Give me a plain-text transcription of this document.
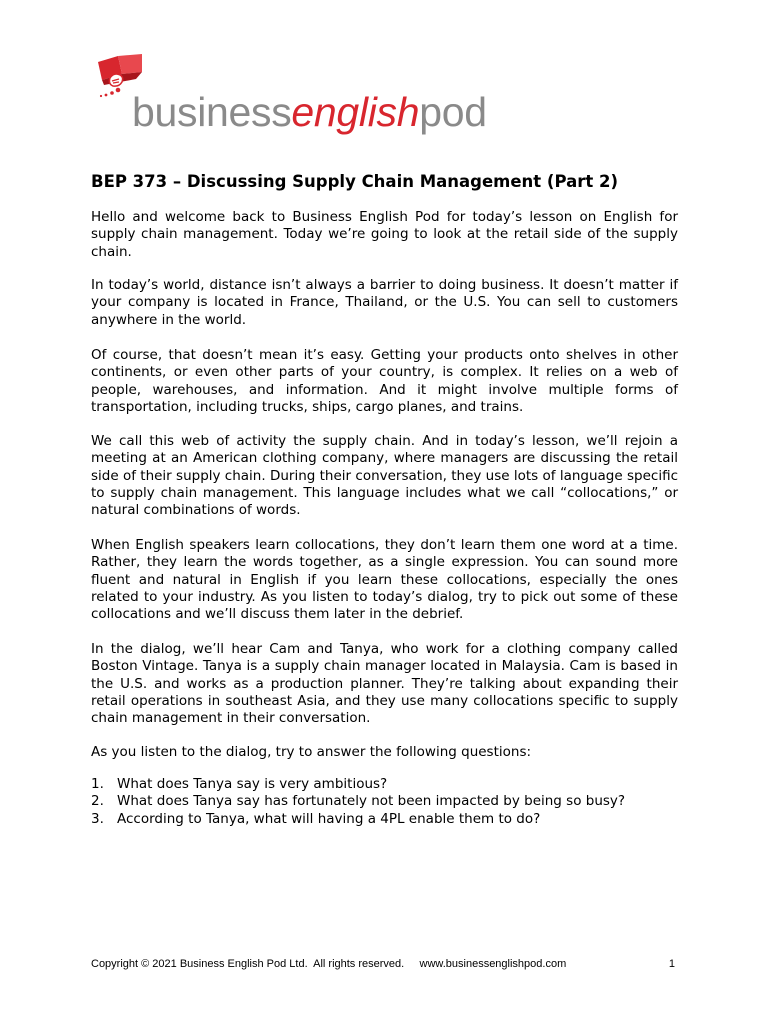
businessenglishpod
BEP 373 – Discussing Supply Chain Management (Part 2)

Hello and welcome back to Business English Pod for today’s lesson on English for supply chain management. Today we’re going to look at the retail side of the supply chain.

In today’s world, distance isn’t always a barrier to doing business. It doesn’t matter if your company is located in France, Thailand, or the U.S. You can sell to customers anywhere in the world.

Of course, that doesn’t mean it’s easy. Getting your products onto shelves in other continents, or even other parts of your country, is complex. It relies on a web of people, warehouses, and information. And it might involve multiple forms of transportation, including trucks, ships, cargo planes, and trains.

We call this web of activity the supply chain. And in today’s lesson, we’ll rejoin a meeting at an American clothing company, where managers are discussing the retail side of their supply chain. During their conversation, they use lots of language specific to supply chain management. This language includes what we call “collocations,” or natural combinations of words.

When English speakers learn collocations, they don’t learn them one word at a time. Rather, they learn the words together, as a single expression. You can sound more fluent and natural in English if you learn these collocations, especially the ones related to your industry. As you listen to today’s dialog, try to pick out some of these collocations and we’ll discuss them later in the debrief.

In the dialog, we’ll hear Cam and Tanya, who work for a clothing company called Boston Vintage. Tanya is a supply chain manager located in Malaysia. Cam is based in the U.S. and works as a production planner. They’re talking about expanding their retail operations in southeast Asia, and they use many collocations specific to supply chain management in their conversation.

As you listen to the dialog, try to answer the following questions:

1. What does Tanya say is very ambitious?
2. What does Tanya say has fortunately not been impacted by being so busy?
3. According to Tanya, what will having a 4PL enable them to do?
Copyright © 2021 Business English Pod Ltd.  All rights reserved.     www.businessenglishpod.com	1
